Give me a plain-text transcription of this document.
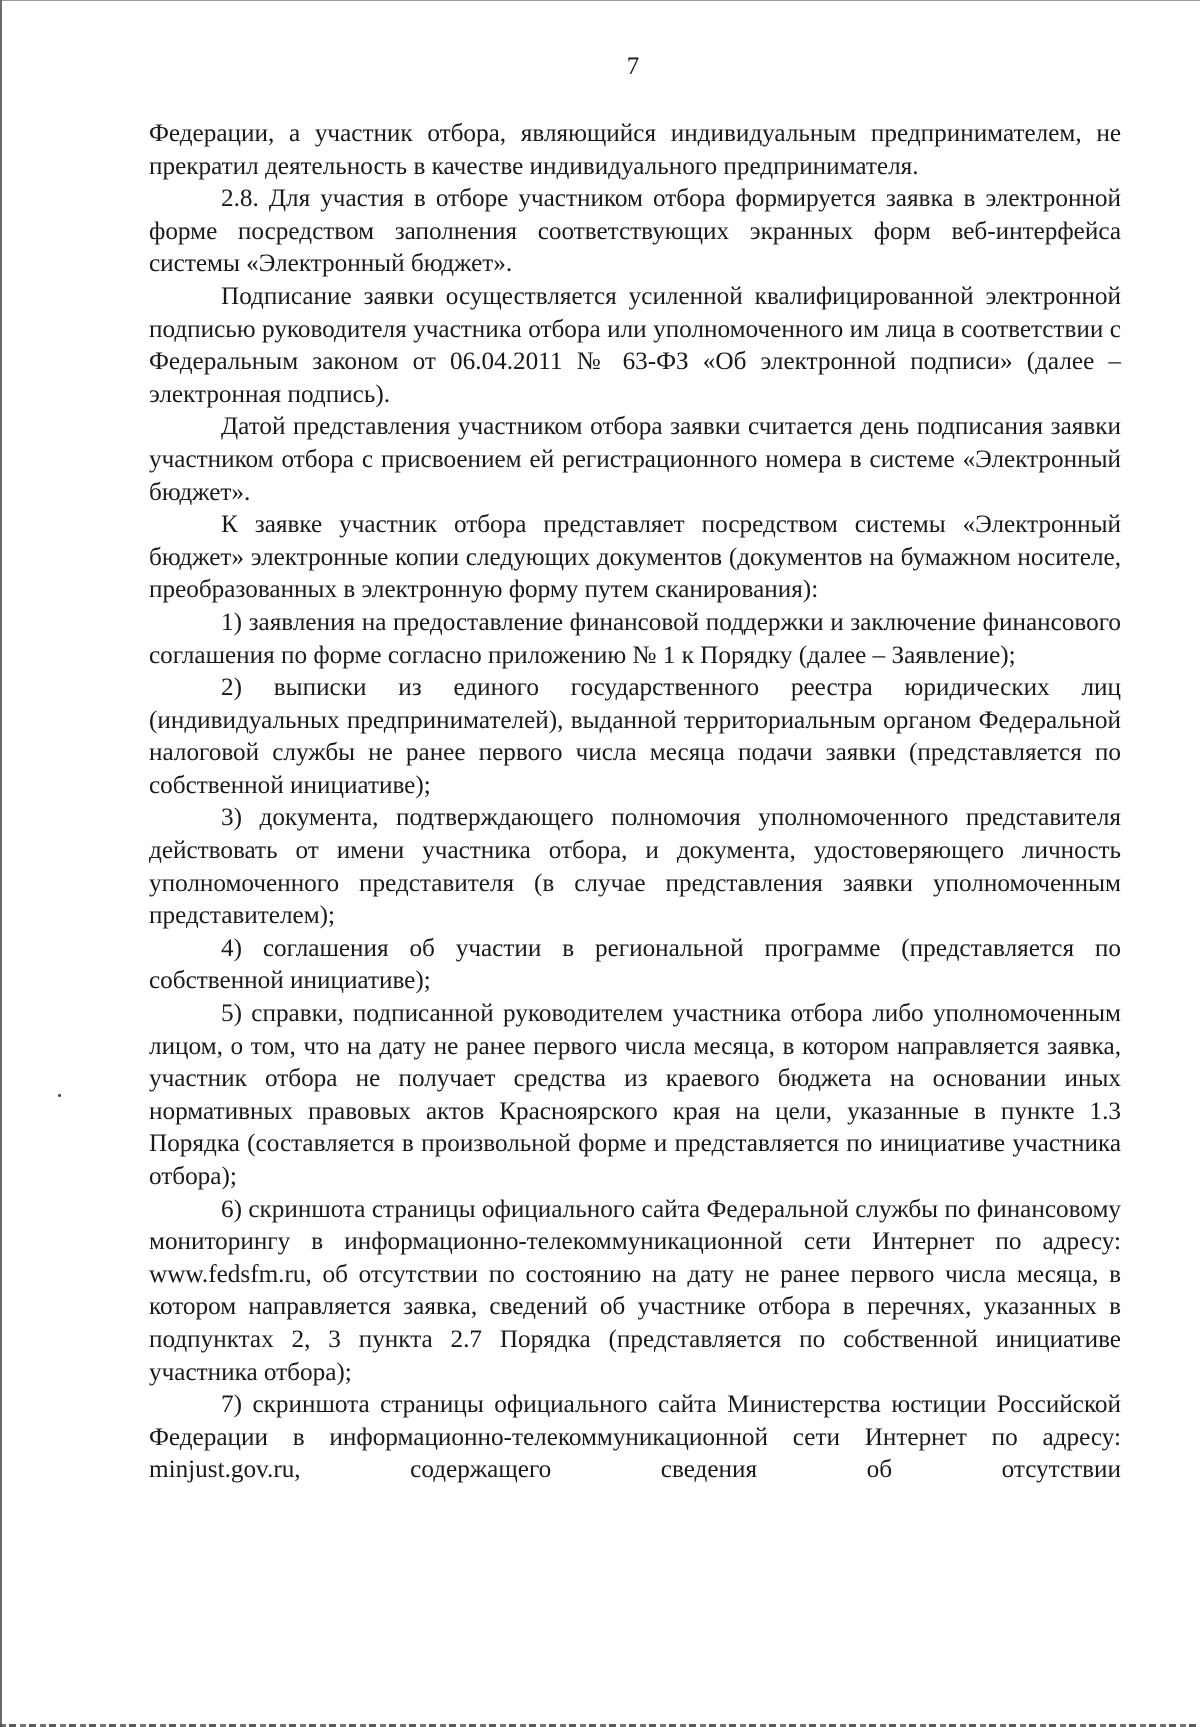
7

Федерации, а участник отбора, являющийся индивидуальным предпринимателем, не прекратил деятельность в качестве индивидуального предпринимателя.

2.8. Для участия в отборе участником отбора формируется заявка в электронной форме посредством заполнения соответствующих экранных форм веб-интерфейса системы «Электронный бюджет».

Подписание заявки осуществляется усиленной квалифицированной электронной подписью руководителя участника отбора или уполномоченного им лица в соответствии с Федеральным законом от 06.04.2011 № 63-ФЗ «Об электронной подписи» (далее – электронная подпись).

Датой представления участником отбора заявки считается день подписания заявки участником отбора с присвоением ей регистрационного номера в системе «Электронный бюджет».

К заявке участник отбора представляет посредством системы «Электронный бюджет» электронные копии следующих документов (документов на бумажном носителе, преобразованных в электронную форму путем сканирования):

1) заявления на предоставление финансовой поддержки и заключение финансового соглашения по форме согласно приложению № 1 к Порядку (далее – Заявление);

2) выписки из единого государственного реестра юридических лиц (индивидуальных предпринимателей), выданной территориальным органом Федеральной налоговой службы не ранее первого числа месяца подачи заявки (представляется по собственной инициативе);

3) документа, подтверждающего полномочия уполномоченного представителя действовать от имени участника отбора, и документа, удостоверяющего личность уполномоченного представителя (в случае представления заявки уполномоченным представителем);

4) соглашения об участии в региональной программе (представляется по собственной инициативе);

5) справки, подписанной руководителем участника отбора либо уполномоченным лицом, о том, что на дату не ранее первого числа месяца, в котором направляется заявка, участник отбора не получает средства из краевого бюджета на основании иных нормативных правовых актов Красноярского края на цели, указанные в пункте 1.3 Порядка (составляется в произвольной форме и представляется по инициативе участника отбора);

6) скриншота страницы официального сайта Федеральной службы по финансовому мониторингу в информационно-телекоммуникационной сети Интернет по адресу: www.fedsfm.ru, об отсутствии по состоянию на дату не ранее первого числа месяца, в котором направляется заявка, сведений об участнике отбора в перечнях, указанных в подпунктах 2, 3 пункта 2.7 Порядка (представляется по собственной инициативе участника отбора);

7) скриншота страницы официального сайта Министерства юстиции Российской Федерации в информационно-телекоммуникационной сети Интернет по адресу: minjust.gov.ru, содержащего сведения об отсутствии
